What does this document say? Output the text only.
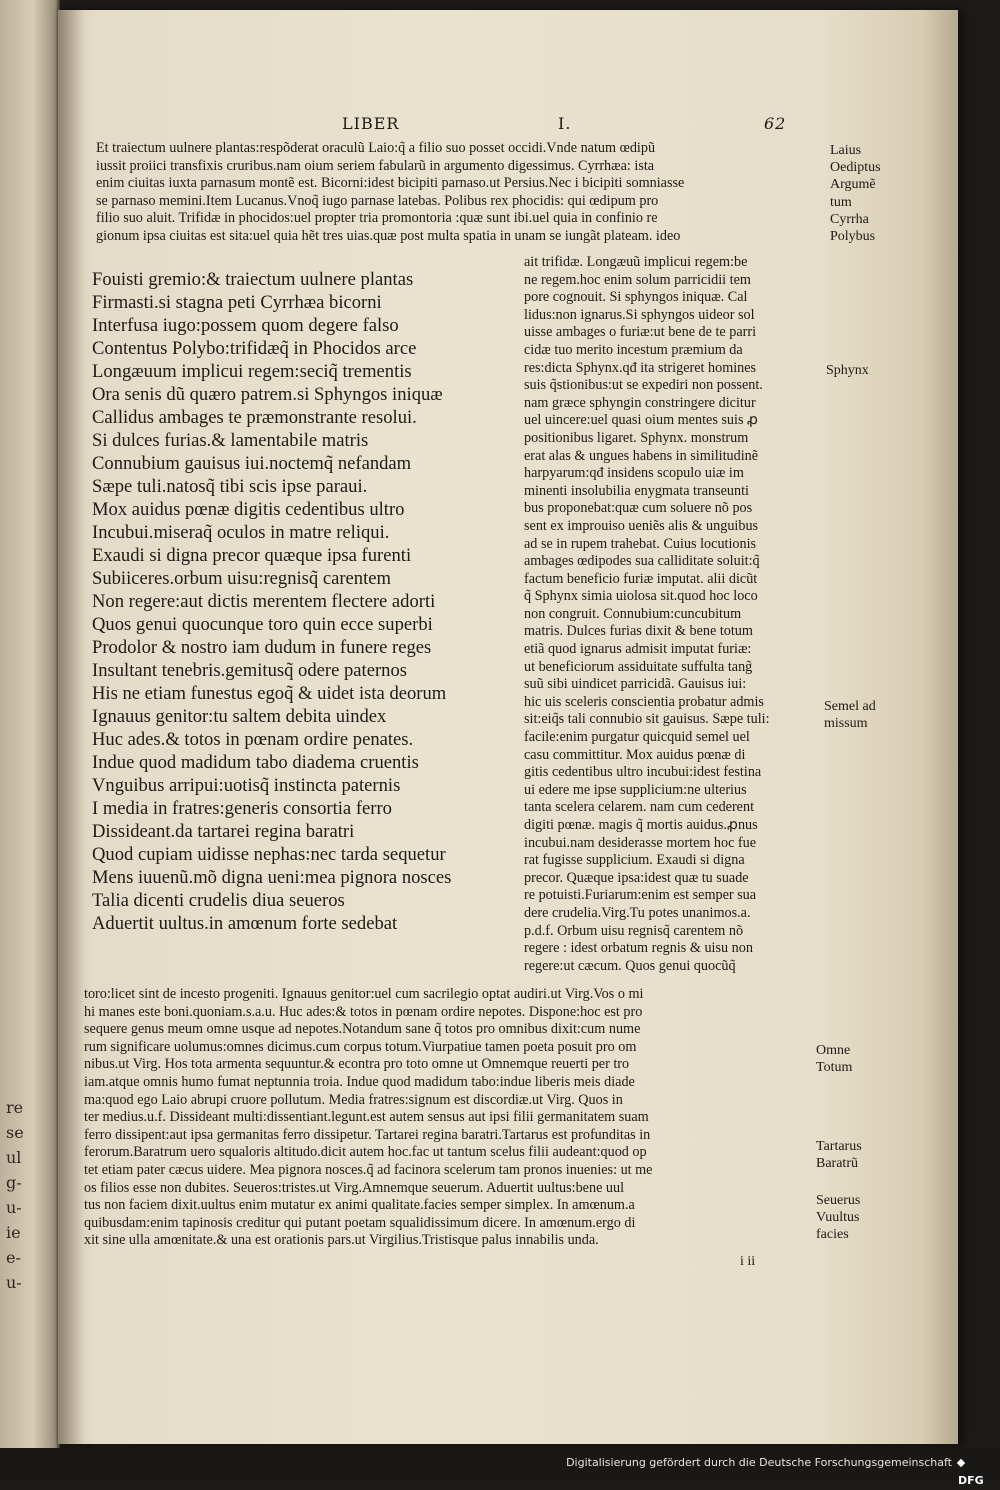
re
se
ul
g-
u-
ie
e-
u-
LIBER	I.	62
Et traiectum uulnere plantas:respõderat oraculũ Laio:q̃ a filio suo posset occidi.Vnde natum œdipũ
iussit proiici transfixis cruribus.nam oium seriem fabularũ in argumento digessimus. Cyrrhæa: ista
enim ciuitas iuxta parnasum montẽ est. Bicorni:idest bicipiti parnaso.ut Persius.Nec i bicipiti somniasse
se parnaso memini.Item Lucanus.Vnoq̃ iugo parnase latebas. Polibus rex phocidis: qui œdipum pro
filio suo aluit. Trifidæ in phocidos:uel propter tria promontoria :quæ sunt ibi.uel quia in confinio re
gionum ipsa ciuitas est sita:uel quia hẽt tres uias.quæ post multa spatia in unam se iungãt plateam. ideo
Fouisti gremio:& traiectum uulnere plantas
Firmasti.si stagna peti Cyrrhæa bicorni
Interfusa iugo:possem quom degere falso
Contentus Polybo:trifidæq̃ in Phocidos arce
Longæuum implicui regem:seciq̃ trementis
Ora senis dũ quæro patrem.si Sphyngos iniquæ
Callidus ambages te præmonstrante resolui.
Si dulces furias.& lamentabile matris
Connubium gauisus iui.noctemq̃ nefandam
Sæpe tuli.natosq̃ tibi scis ipse paraui.
Mox auidus pœnæ digitis cedentibus ultro
Incubui.miseraq̃ oculos in matre reliqui.
Exaudi si digna precor quæque ipsa furenti
Subiiceres.orbum uisu:regnisq̃ carentem
Non regere:aut dictis merentem flectere adorti
Quos genui quocunque toro quin ecce superbi
Prodolor & nostro iam dudum in funere reges
Insultant tenebris.gemitusq̃ odere paternos
His ne etiam funestus egoq̃ & uidet ista deorum
Ignauus genitor:tu saltem debita uindex
Huc ades.& totos in pœnam ordire penates.
Indue quod madidum tabo diadema cruentis
Vnguibus arripui:uotisq̃ instincta paternis
I media in fratres:generis consortia ferro
Dissideant.da tartarei regina baratri
Quod cupiam uidisse nephas:nec tarda sequetur
Mens iuuenũ.mõ digna ueni:mea pignora nosces
Talia dicenti crudelis diua seueros
Aduertit uultus.in amœnum forte sedebat
ait trifidæ. Longæuũ implicui regem:be
ne regem.hoc enim solum parricidii tem
pore cognouit. Si sphyngos iniquæ. Cal
lidus:non ignarus.Si sphyngos uideor sol
uisse ambages o furiæ:ut bene de te parri
cidæ tuo merito incestum præmium da
res:dicta Sphynx.qđ ita strigeret homines
suis q̃stionibus:ut se expediri non possent.
nam græce sphyngin constringere dicitur
uel uincere:uel quasi oium mentes suis ꝓ
positionibus ligaret. Sphynx. monstrum
erat alas & ungues habens in similitudinẽ
harpyarum:qđ insidens scopulo uiæ im
minenti insolubilia enygmata transeunti
bus proponebat:quæ cum soluere nõ pos
sent ex improuiso ueniẽs alis & unguibus
ad se in rupem trahebat. Cuius locutionis
ambages œdipodes sua calliditate soluit:q̃
factum beneficio furiæ imputat. alii dicũt
q̃ Sphynx simia uiolosa sit.quod hoc loco
non congruit. Connubium:cuncubitum
matris. Dulces furias dixit & bene totum
etiã quod ignarus admisit imputat furiæ:
ut beneficiorum assiduitate suffulta tang̃
suũ sibi uindicet parricidã. Gauisus iui:
hic uis sceleris conscientia probatur admis
sit:eiq̃s tali connubio sit gauisus. Sæpe tuli:
facile:enim purgatur quicquid semel uel
casu committitur. Mox auidus pœnæ di
gitis cedentibus ultro incubui:idest festina
ui edere me ipse supplicium:ne ulterius
tanta scelera celarem. nam cum cederent
digiti pœnæ. magis q̃ mortis auidus.ꝓnus
incubui.nam desiderasse mortem hoc fue
rat fugisse supplicium. Exaudi si digna
precor. Quæque ipsa:idest quæ tu suade
re potuisti.Furiarum:enim est semper sua
dere crudelia.Virg.Tu potes unanimos.a.
p.d.f. Orbum uisu regnisq̃ carentem nõ
regere : idest orbatum regnis & uisu non
regere:ut cæcum. Quos genui quocũq̃
toro:licet sint de incesto progeniti. Ignauus genitor:uel cum sacrilegio optat audiri.ut Virg.Vos o mi
hi manes este boni.quoniam.s.a.u. Huc ades:& totos in pœnam ordire nepotes. Dispone:hoc est pro
sequere genus meum omne usque ad nepotes.Notandum sane q̃ totos pro omnibus dixit:cum nume
rum significare uolumus:omnes dicimus.cum corpus totum.Viurpatiue tamen poeta posuit pro om
nibus.ut Virg. Hos tota armenta sequuntur.& econtra pro toto omne ut Omnemque reuerti per tro
iam.atque omnis humo fumat neptunnia troia. Indue quod madidum tabo:indue liberis meis diade
ma:quod ego Laio abrupi cruore pollutum. Media fratres:signum est discordiæ.ut Virg. Quos in
ter medius.u.f. Dissideant multi:dissentiant.legunt.est autem sensus aut ipsi filii germanitatem suam
ferro dissipent:aut ipsa germanitas ferro dissipetur. Tartarei regina baratri.Tartarus est profunditas in
ferorum.Baratrum uero squaloris altitudo.dicit autem hoc.fac ut tantum scelus filii audeant:quod op
tet etiam pater cæcus uidere. Mea pignora nosces.q̃ ad facinora scelerum tam pronos inuenies: ut me
os filios esse non dubites. Seueros:tristes.ut Virg.Amnemque seuerum. Aduertit uultus:bene uul
tus non faciem dixit.uultus enim mutatur ex animi qualitate.facies semper simplex. In amœnum.a
quibusdam:enim tapinosis creditur qui putant poetam squalidissimum dicere. In amœnum.ergo di
xit sine ulla amœnitate.& una est orationis pars.ut Virgilius.Tristisque palus innabilis unda.
Laius
Oediptus
Argumẽ
tum
Cyrrha
Polybus
Sphynx
Semel ad
missum
Omne
Totum
Tartarus
Baratrũ
Seuerus
Vuultus
facies
i ii
Digitalisierung gefördert durch die Deutsche Forschungsgemeinschaft
DFG
